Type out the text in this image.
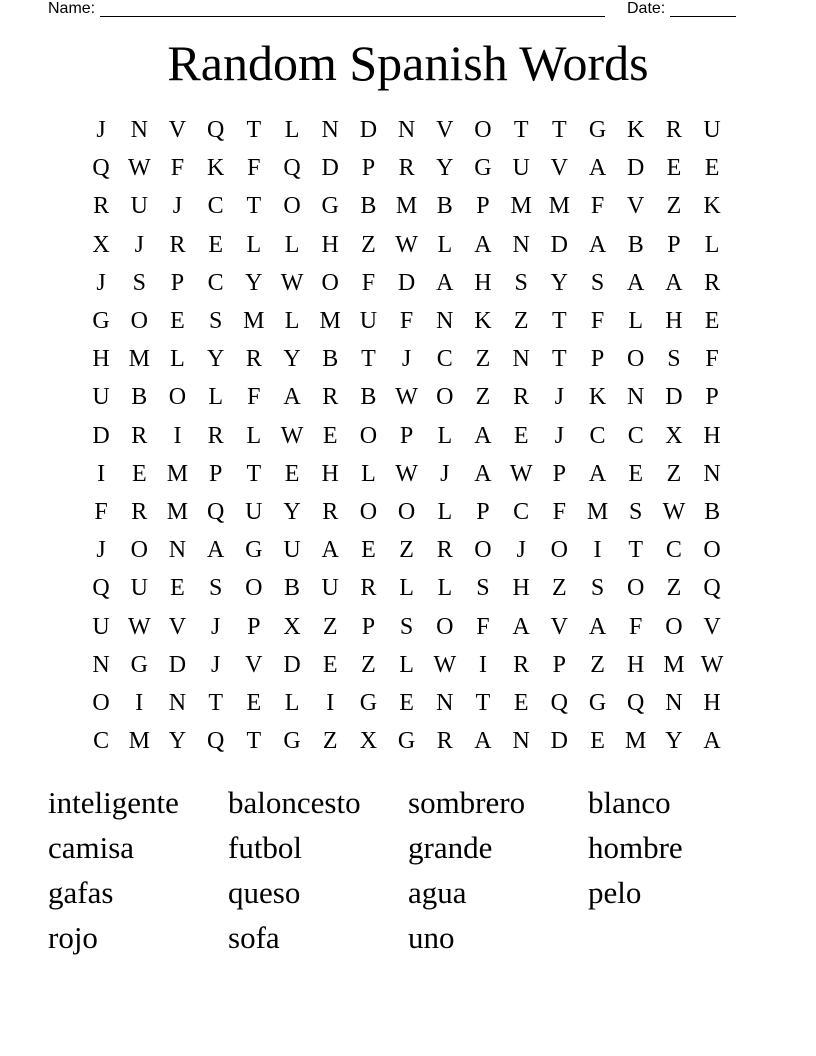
Name:	Date:
Random Spanish Words
J	N V Q T L N D N V O T T G K R U
Q W F K F Q D P R Y G U V A D E E
R U	J	C T O G B M B P M M F V Z K
X	J	R E L L H Z W L A N D A B P	L
J	S	P C Y W O F D A H S Y S A A R
G O E	S M L M U F N K Z T	F	L H E
H M L Y R Y B T	J	C Z N T	P O S	F
U B O L	F A R B W O Z R	J	K N D P
D R	I	R L W E O P	L A E	J	C C X H
I	E M P	T E H L W J	A W P A E Z N
F R M Q U Y R O O L	P C F M S W B
J	O N A G U A E Z R O	J	O	I	T C O
Q U E	S O B U R L L	S H Z	S O Z Q
U W V	J	P X Z	P	S O F A V A F O V
N G D	J	V D E Z L W I	R P	Z H M W
O	I	N T E L	I	G E N T E Q G Q N H
C M Y Q T G Z X G R A N D E M Y A
inteligente	baloncesto	sombrero	blanco
camisa	futbol	grande	hombre
gafas	queso	agua	pelo
rojo	sofa	uno
